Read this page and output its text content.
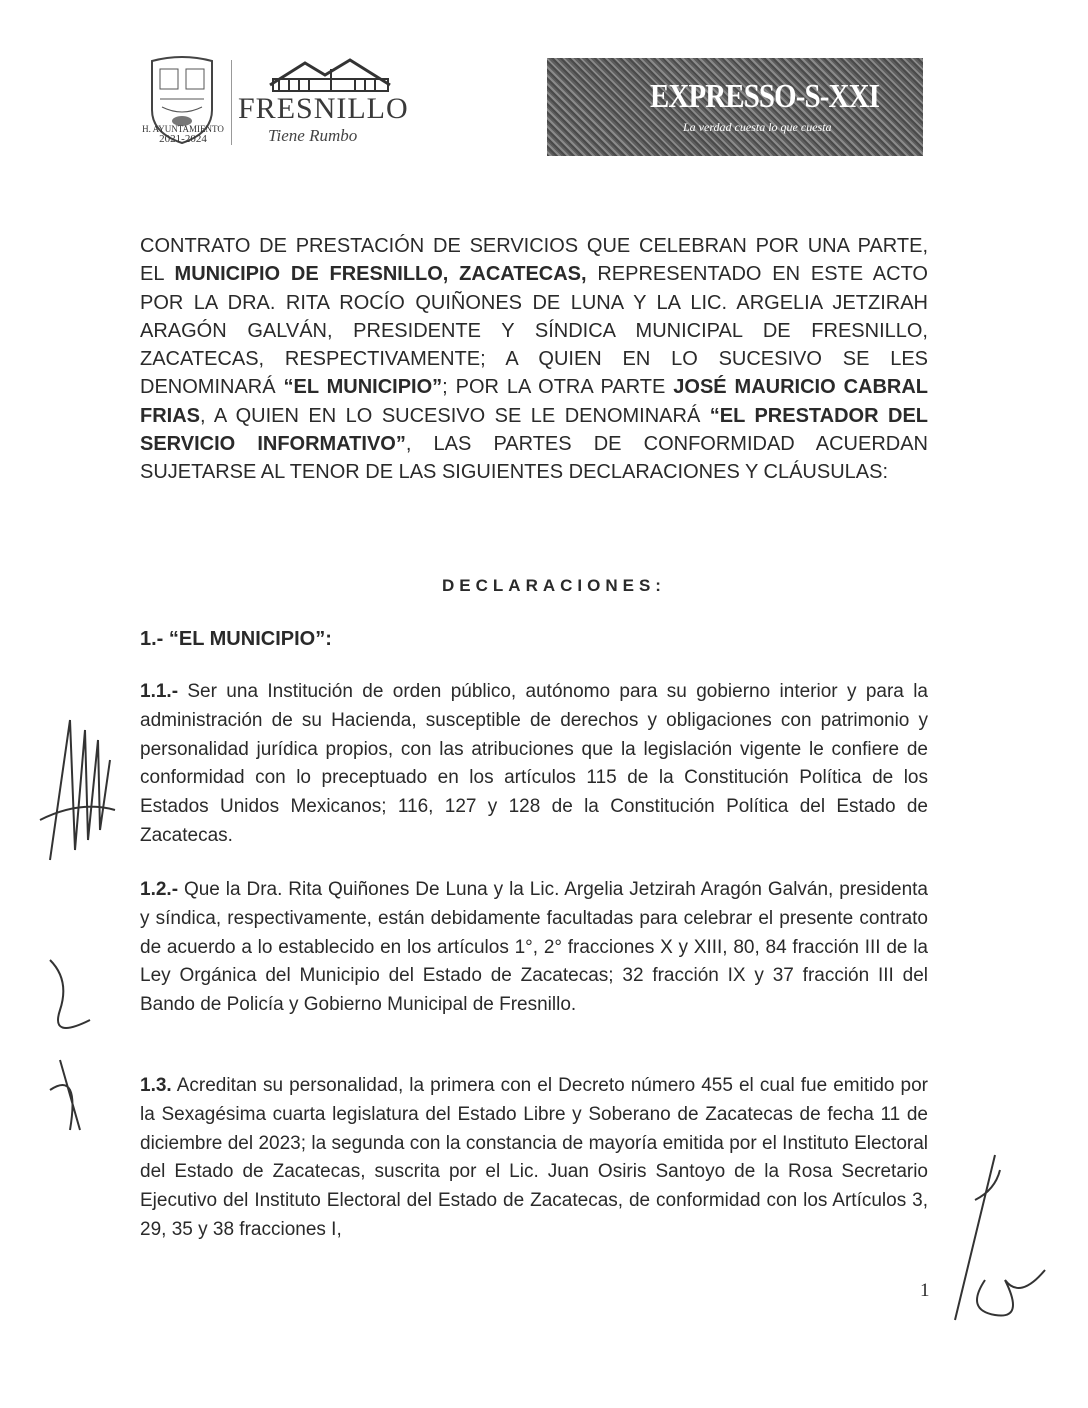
H. AYUNTAMIENTO
2021-2024
FRESNILLO
Tiene Rumbo
EXPRESSO-S-XXI
La verdad cuesta lo que cuesta
CONTRATO DE PRESTACIÓN DE SERVICIOS QUE CELEBRAN POR UNA PARTE, EL MUNICIPIO DE FRESNILLO, ZACATECAS, REPRESENTADO EN ESTE ACTO POR LA DRA. RITA ROCÍO QUIÑONES DE LUNA Y LA LIC. ARGELIA JETZIRAH ARAGÓN GALVÁN, PRESIDENTE Y SÍNDICA MUNICIPAL DE FRESNILLO, ZACATECAS, RESPECTIVAMENTE; A QUIEN EN LO SUCESIVO SE LES DENOMINARÁ “EL MUNICIPIO”; POR LA OTRA PARTE JOSÉ MAURICIO CABRAL FRIAS, A QUIEN EN LO SUCESIVO SE LE DENOMINARÁ “EL PRESTADOR DEL SERVICIO INFORMATIVO”, LAS PARTES DE CONFORMIDAD ACUERDAN SUJETARSE AL TENOR DE LAS SIGUIENTES DECLARACIONES Y CLÁUSULAS:
DECLARACIONES:
1.- “EL MUNICIPIO”:
1.1.- Ser una Institución de orden público, autónomo para su gobierno interior y para la administración de su Hacienda, susceptible de derechos y obligaciones con patrimonio y personalidad jurídica propios, con las atribuciones que la legislación vigente le confiere de conformidad con lo preceptuado en los artículos 115 de la Constitución Política de los Estados Unidos Mexicanos; 116, 127 y 128 de la Constitución Política del Estado de Zacatecas.
1.2.- Que la Dra. Rita Quiñones De Luna y la Lic. Argelia Jetzirah Aragón Galván, presidenta y síndica, respectivamente, están debidamente facultadas para celebrar el presente contrato de acuerdo a lo establecido en los artículos 1°, 2° fracciones X y XIII, 80, 84 fracción III de la Ley Orgánica del Municipio del Estado de Zacatecas; 32 fracción IX y 37 fracción III del Bando de Policía y Gobierno Municipal de Fresnillo.
1.3. Acreditan su personalidad, la primera con el Decreto número 455 el cual fue emitido por la Sexagésima cuarta legislatura del Estado Libre y Soberano de Zacatecas de fecha 11 de diciembre del 2023; la segunda con la constancia de mayoría emitida por el Instituto Electoral del Estado de Zacatecas, suscrita por el Lic. Juan Osiris Santoyo de la Rosa Secretario Ejecutivo del Instituto Electoral del Estado de Zacatecas, de conformidad con los Artículos 3, 29, 35 y 38 fracciones I,
1
